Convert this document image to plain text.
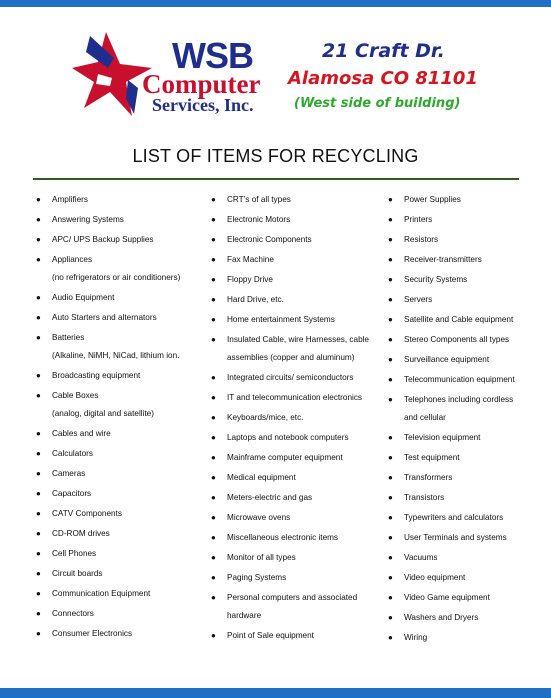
WSB
Computer
Services, Inc.
21 Craft Dr.
Alamosa CO 81101
(West side of building)
LIST OF ITEMS FOR RECYCLING
● Amplifiers
● Answering Systems
● APC/ UPS Backup Supplies
● Appliances
(no refrigerators or air conditioners)
● Audio Equipment
● Auto Starters and alternators
● Batteries
(Alkaline, NiMH, NiCad, lithium ion.
● Broadcasting equipment
● Cable Boxes
(analog, digital and satellite)
● Cables and wire
● Calculators
● Cameras
● Capacitors
● CATV Components
● CD-ROM drives
● Cell Phones
● Circuit boards
● Communication Equipment
● Connectors
● Consumer Electronics
● CRT’s of all types
● Electronic Motors
● Electronic Components
● Fax Machine
● Floppy Drive
● Hard Drive, etc.
● Home entertainment Systems
● Insulated Cable, wire Harnesses, cable
assemblies (copper and aluminum)
● Integrated circuits/ semiconductors
● IT and telecommunication electronics
● Keyboards/mice, etc.
● Laptops and notebook computers
● Mainframe computer equipment
● Medical equipment
● Meters-electric and gas
● Microwave ovens
● Miscellaneous electronic items
● Monitor of all types
● Paging Systems
● Personal computers and associated
hardware
● Point of Sale equipment
● Power Supplies
● Printers
● Resistors
● Receiver-transmitters
● Security Systems
● Servers
● Satellite and Cable equipment
● Stereo Components all types
● Surveillance equipment
● Telecommunication equipment
● Telephones including cordless
and cellular
● Television equipment
● Test equipment
● Transformers
● Transistors
● Typewriters and calculators
● User Terminals and systems
● Vacuums
● Video equipment
● Video Game equipment
● Washers and Dryers
● Wiring
